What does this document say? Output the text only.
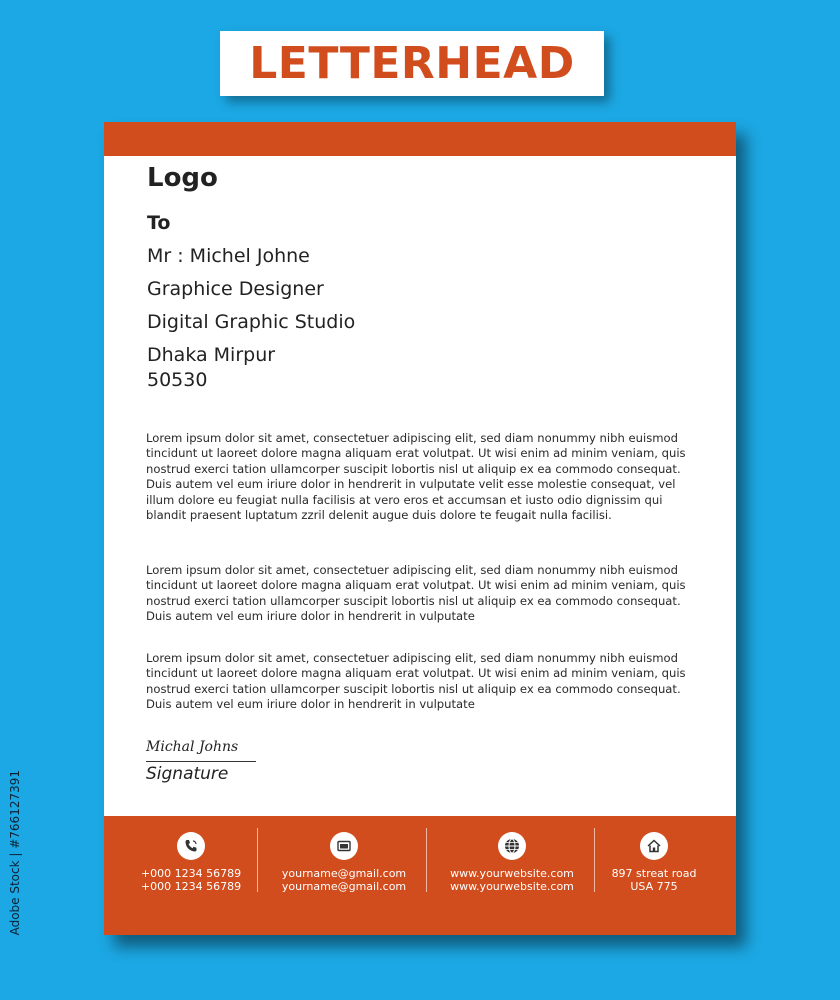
LETTERHEAD
Logo
To
Mr : Michel Johne
Graphice Designer
Digital Graphic Studio
Dhaka Mirpur
50530

Lorem ipsum dolor sit amet, consectetuer adipiscing elit, sed diam nonummy nibh euismod tincidunt ut laoreet dolore magna aliquam erat volutpat. Ut wisi enim ad minim veniam, quis nostrud exerci tation ullamcorper suscipit lobortis nisl ut aliquip ex ea commodo consequat. Duis autem vel eum iriure dolor in hendrerit in vulputate velit esse molestie consequat, vel illum dolore eu feugiat nulla facilisis at vero eros et accumsan et iusto odio dignissim qui blandit praesent luptatum zzril delenit augue duis dolore te feugait nulla facilisi.

Lorem ipsum dolor sit amet, consectetuer adipiscing elit, sed diam nonummy nibh euismod tincidunt ut laoreet dolore magna aliquam erat volutpat. Ut wisi enim ad minim veniam, quis nostrud exerci tation ullamcorper suscipit lobortis nisl ut aliquip ex ea commodo consequat. Duis autem vel eum iriure dolor in hendrerit in vulputate

Lorem ipsum dolor sit amet, consectetuer adipiscing elit, sed diam nonummy nibh euismod tincidunt ut laoreet dolore magna aliquam erat volutpat. Ut wisi enim ad minim veniam, quis nostrud exerci tation ullamcorper suscipit lobortis nisl ut aliquip ex ea commodo consequat. Duis autem vel eum iriure dolor in hendrerit in vulputate

Michal Johns
Signature
+000 1234 56789
+000 1234 56789
yourname@gmail.com
yourname@gmail.com
www.yourwebsite.com
www.yourwebsite.com
897 streat road
USA 775
Adobe Stock | #766127391
